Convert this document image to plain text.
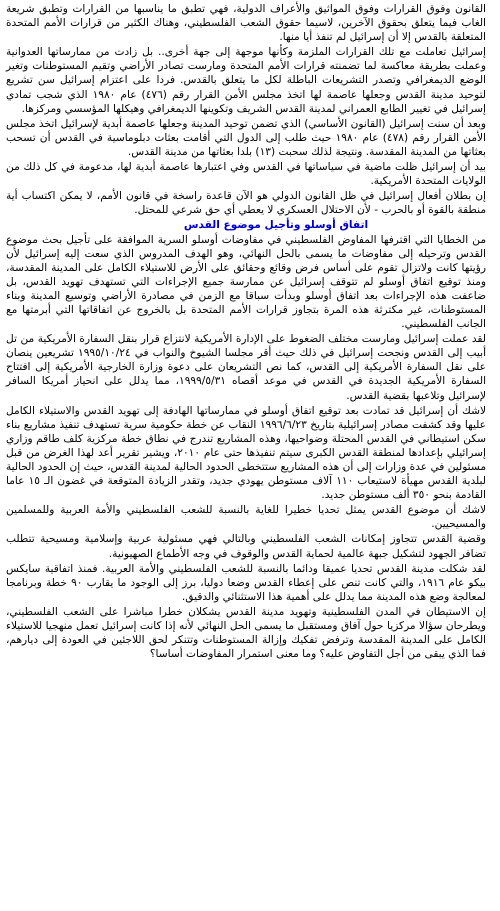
القانون وفوق القرارات وفوق المواثيق والأعراف الدولية، فهي تطبق ما يناسبها من القرارات وتطبق شريعة الغاب فيما يتعلق بحقوق الآخرين، لاسيما حقوق الشعب الفلسطيني، وهناك الكثير من قرارات الأمم المتحدة المتعلقة بالقدس إلا أن إسرائيل لم تنفذ أيا منها.

إسرائيل تعاملت مع تلك القرارات الملزمة وكأنها موجهة إلى جهة أخرى.. بل زادت من ممارساتها العدوانية وعملت بطريقة معاكسة لما تضمنته قرارات الأمم المتحدة ومارست تصادر الأراضي وتقيم المستوطنات وتغير الوضع الديمغرافي وتصدر التشريعات الباطلة لكل ما يتعلق بالقدس. فردا على اعتزام إسرائيل سن تشريع لتوحيد مدينة القدس وجعلها عاصمة لها اتخذ مجلس الأمن القرار رقم (٤٧٦) عام ١٩٨٠ الذي شجب تمادي إسرائيل في تغيير الطابع العمراني لمدينة القدس الشريف وتكوينها الديمغرافي وهيكلها المؤسسي ومركزها.

وبعد أن سنت إسرائيل (القانون الأساسي) الذي تضمن توحيد المدينة وجعلها عاصمة أبدية لإسرائيل اتخذ مجلس الأمن القرار رقم (٤٧٨) عام ١٩٨٠ حيث طلب إلى الدول التي أقامت بعثات دبلوماسية في القدس أن تسحب بعثاتها من المدينة المقدسة. ونتيجة لذلك سحبت (١٣) بلدا بعثاتها من مدينة القدس.

بيد أن إسرائيل ظلت ماضية في سياساتها في القدس وفي اعتبارها عاصمة أبدية لها، مدعومة في كل ذلك من الولايات المتحدة الأمريكية.

إن بطلان أفعال إسرائيل في ظل القانون الدولي هو الآن قاعدة راسخة في قانون الأمم، لا يمكن اكتساب أية منطقة بالقوة أو بالحرب - لأن الاحتلال العسكري لا يعطي أي حق شرعي للمحتل.

اتفاق أوسلو وتأجيل موضوع القدس

من الخطايا التي اقترفها المفاوض الفلسطيني في مفاوضات أوسلو السرية الموافقة على تأجيل بحث موضوع القدس وترحيله إلى مفاوضات ما يسمى بالحل النهائي، وهو الهدف المدروس الذي سعت إليه إسرائيل لأن رؤيتها كانت ولاتزال تقوم على أساس فرض وقائع وحقائق على الأرض للاستيلاء الكامل على المدينة المقدسة، ومنذ توقيع اتفاق أوسلو لم تتوقف إسرائيل عن ممارسة جميع الإجراءات التي تستهدف تهويد القدس، بل ضاعفت هذه الإجراءات بعد اتفاق أوسلو وبدأت سباقا مع الزمن في مصادرة الأراضي وتوسيع المدينة وبناء المستوطنات، غير مكترثة هذه المرة بتجاوز قرارات الأمم المتحدة بل بالخروج عن اتفاقاتها التي أبرمتها مع الجانب الفلسطيني.

لقد عملت إسرائيل ومارست مختلف الضغوط على الإدارة الأمريكية لانتزاع قرار بنقل السفارة الأمريكية من تل أبيب إلى القدس ونجحت إسرائيل في ذلك حيث أقر مجلسا الشيوخ والنواب في ١٩٩٥/١٠/٢٤ تشريعين ينصان على نقل السفارة الأمريكية إلى القدس، كما نص التشريعان على دعوة وزارة الخارجية الأمريكية إلى افتتاح السفارة الأمريكية الجديدة في القدس في موعد أقصاه ١٩٩٩/٥/٣١، مما يدلل على انحياز أمريكا السافر لإسرائيل وتلاعبها بقضية القدس.

لاشك أن إسرائيل قد تمادت بعد توقيع اتفاق أوسلو في ممارساتها الهادفة إلى تهويد القدس والاستيلاء الكامل عليها وقد كشفت مصادر إسرائيلية بتاريخ ١٩٩٦/٦/٢٣ النقاب عن خطة حكومية سرية تستهدف تنفيذ مشاريع بناء سكن استيطاني في القدس المحتلة وضواحيها، وهذه المشاريع تندرج في نطاق خطة مركزية كلف طاقم وزاري إسرائيلي بإعدادها لمنطقة القدس الكبرى سيتم تنفيذها حتى عام ٢٠١٠، ويشير تقرير أعد لهذا الغرض من قبل مسئولين في عدة وزارات إلى أن هذه المشاريع ستتخطى الحدود الحالية لمدينة القدس، حيث إن الحدود الحالية لبلدية القدس مهيأة لاستيعاب ١١٠ آلاف مستوطن يهودي جديد، وتقدر الزيادة المتوقعة في غضون الـ ١٥ عاما القادمة بنحو ٣٥٠ ألف مستوطن جديد.

لاشك أن موضوع القدس يمثل تحديا خطيرا للغاية بالنسبة للشعب الفلسطيني والأمة العربية وللمسلمين والمسيحيين.

وقضية القدس تتجاوز إمكانات الشعب الفلسطيني وبالتالي فهي مسئولية عربية وإسلامية ومسيحية تتطلب تضافر الجهود لتشكيل جبهة عالمية لحماية القدس والوقوف في وجه الأطماع الصهيونية.

لقد شكلت مدينة القدس تحديا عميقا ودائما بالنسبة للشعب الفلسطيني والأمة العربية. فمنذ اتفاقية سايكس بيكو عام ١٩١٦، والتي كانت تنص على إعطاء القدس وضعا دوليا، برز إلى الوجود ما يقارب ٩٠ خطة وبرنامجا لمعالجة وضع هذه المدينة مما يدلل على أهمية هذا الاستثنائي والدقيق.

إن الاستيطان في المدن الفلسطينية وتهويد مدينة القدس يشكلان خطرا مباشرا على الشعب الفلسطيني، ويطرحان سؤالا مركزيا حول آفاق ومستقبل ما يسمى الحل النهائي لأنه إذا كانت إسرائيل تعمل منهجيا للاستيلاء الكامل على المدينة المقدسة وترفض تفكيك وإزالة المستوطنات وتتنكر لحق اللاجئين في العودة إلى ديارهم، فما الذي يبقى من أجل التفاوض عليه؟ وما معنى استمرار المفاوضات أساسا؟
